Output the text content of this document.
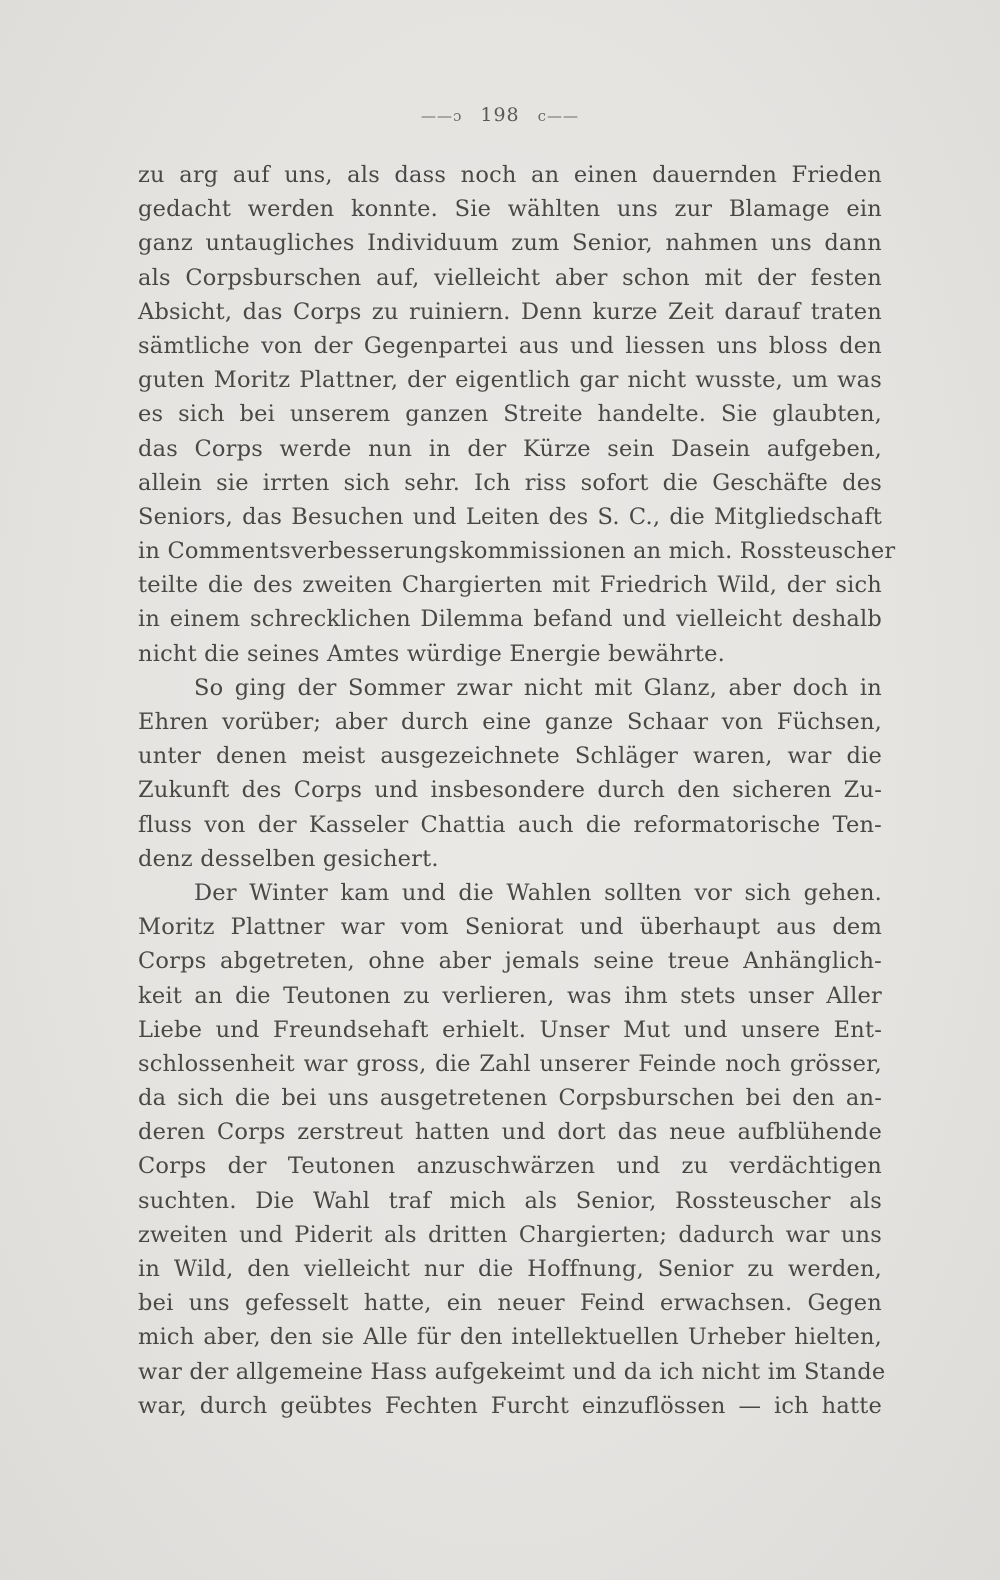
——ɔ 198 c——
zu arg auf uns, als dass noch an einen dauernden Frieden
gedacht werden konnte. Sie wählten uns zur Blamage ein
ganz untaugliches Individuum zum Senior, nahmen uns dann
als Corpsburschen auf, vielleicht aber schon mit der festen
Absicht, das Corps zu ruiniern. Denn kurze Zeit darauf traten
sämtliche von der Gegenpartei aus und liessen uns bloss den
guten Moritz Plattner, der eigentlich gar nicht wusste, um was
es sich bei unserem ganzen Streite handelte. Sie glaubten,
das Corps werde nun in der Kürze sein Dasein aufgeben,
allein sie irrten sich sehr. Ich riss sofort die Geschäfte des
Seniors, das Besuchen und Leiten des S. C., die Mitgliedschaft
in Commentsverbesserungskommissionen an mich. Rossteuscher
teilte die des zweiten Chargierten mit Friedrich Wild, der sich
in einem schrecklichen Dilemma befand und vielleicht deshalb
nicht die seines Amtes würdige Energie bewährte.
So ging der Sommer zwar nicht mit Glanz, aber doch in
Ehren vorüber; aber durch eine ganze Schaar von Füchsen,
unter denen meist ausgezeichnete Schläger waren, war die
Zukunft des Corps und insbesondere durch den sicheren Zu-
fluss von der Kasseler Chattia auch die reformatorische Ten-
denz desselben gesichert.
Der Winter kam und die Wahlen sollten vor sich gehen.
Moritz Plattner war vom Seniorat und überhaupt aus dem
Corps abgetreten, ohne aber jemals seine treue Anhänglich-
keit an die Teutonen zu verlieren, was ihm stets unser Aller
Liebe und Freundsehaft erhielt. Unser Mut und unsere Ent-
schlossenheit war gross, die Zahl unserer Feinde noch grösser,
da sich die bei uns ausgetretenen Corpsburschen bei den an-
deren Corps zerstreut hatten und dort das neue aufblühende
Corps der Teutonen anzuschwärzen und zu verdächtigen
suchten. Die Wahl traf mich als Senior, Rossteuscher als
zweiten und Piderit als dritten Chargierten; dadurch war uns
in Wild, den vielleicht nur die Hoffnung, Senior zu werden,
bei uns gefesselt hatte, ein neuer Feind erwachsen. Gegen
mich aber, den sie Alle für den intellektuellen Urheber hielten,
war der allgemeine Hass aufgekeimt und da ich nicht im Stande
war, durch geübtes Fechten Furcht einzuflössen — ich hatte
